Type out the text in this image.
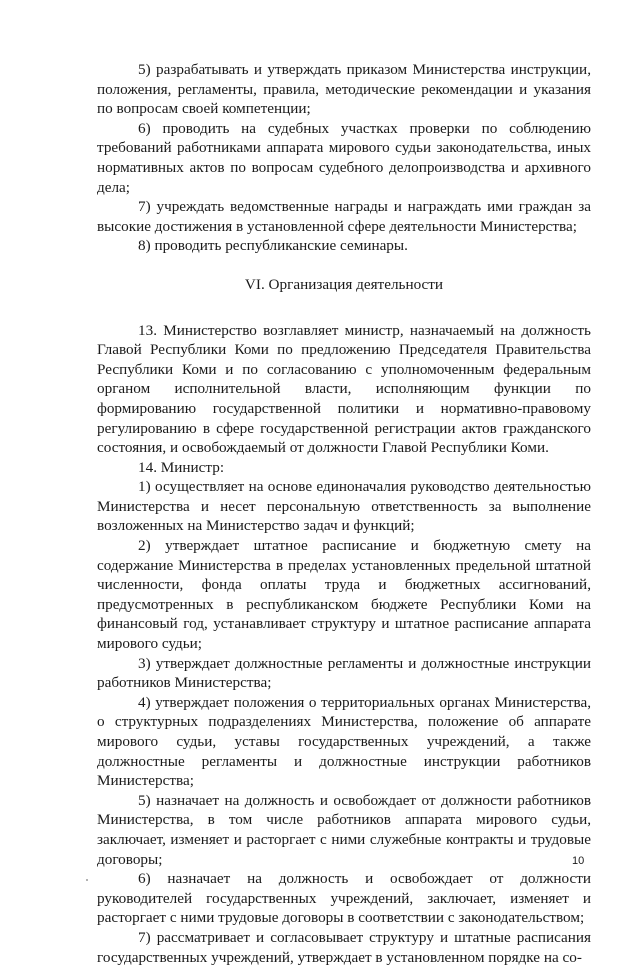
5) разрабатывать и утверждать приказом Министерства инструкции, положения, регламенты, правила, методические рекомендации и указания по вопросам своей компетенции;

6) проводить на судебных участках проверки по соблюдению требований работниками аппарата мирового судьи законодательства, иных нормативных актов по вопросам судебного делопроизводства и архивного дела;

7) учреждать ведомственные награды и награждать ими граждан за высокие достижения в установленной сфере деятельности Министерства;

8) проводить республиканские семинары.

VI. Организация деятельности

13. Министерство возглавляет министр, назначаемый на должность Главой Республики Коми по предложению Председателя Правительства Республики Коми и по согласованию с уполномоченным федеральным органом исполнительной власти, исполняющим функции по формированию государственной политики и нормативно-правовому регулированию в сфере государственной регистрации актов гражданского состояния, и освобождаемый от должности Главой Республики Коми.

14. Министр:

1) осуществляет на основе единоначалия руководство деятельностью Министерства и несет персональную ответственность за выполнение возложенных на Министерство задач и функций;

2) утверждает штатное расписание и бюджетную смету на содержание Министерства в пределах установленных предельной штатной численности, фонда оплаты труда и бюджетных ассигнований, предусмотренных в республиканском бюджете Республики Коми на финансовый год, устанавливает структуру и штатное расписание аппарата мирового судьи;

3) утверждает должностные регламенты и должностные инструкции работников Министерства;

4) утверждает положения о территориальных органах Министерства, о структурных подразделениях Министерства, положение об аппарате мирового судьи, уставы государственных учреждений, а также должностные регламенты и должностные инструкции работников Министерства;

5) назначает на должность и освобождает от должности работников Министерства, в том числе работников аппарата мирового судьи, заключает, изменяет и расторгает с ними служебные контракты и трудовые договоры;

6) назначает на должность и освобождает от должности руководителей государственных учреждений, заключает, изменяет и расторгает с ними трудовые договоры в соответствии с законодательством;

7) рассматривает и согласовывает структуру и штатные расписания государственных учреждений, утверждает в установленном порядке на со-

10
